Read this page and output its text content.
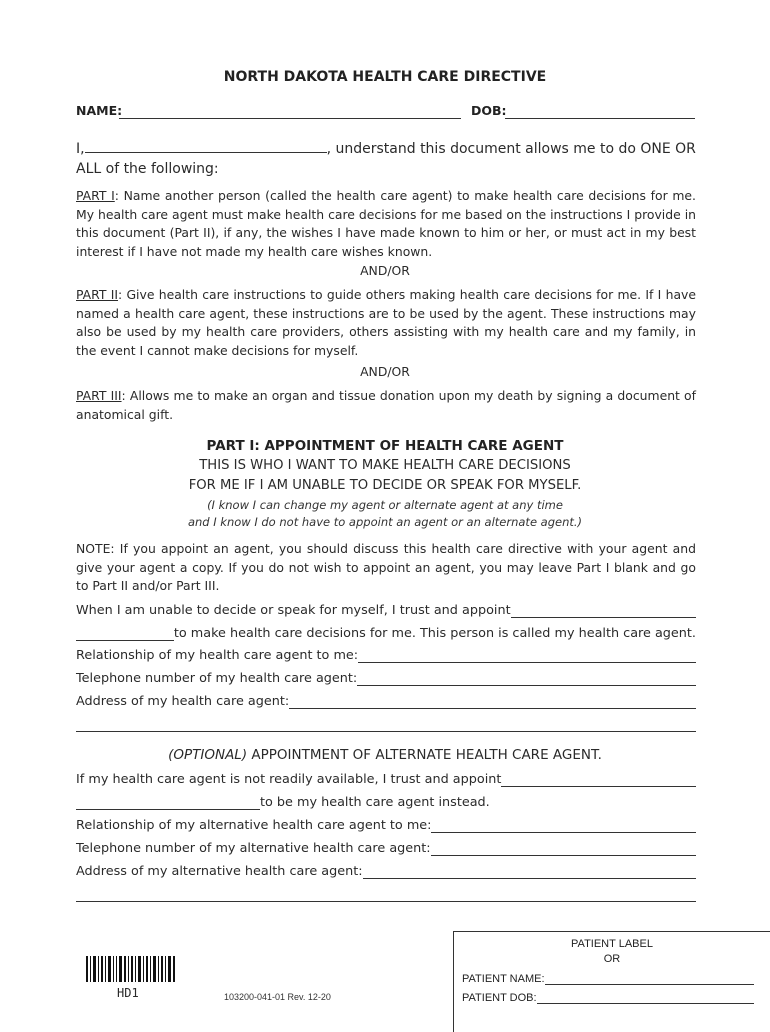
NORTH DAKOTA HEALTH CARE DIRECTIVE
NAME:	DOB:
I,	, understand this document allows me to do ONE OR
ALL of the following:
PART I: Name another person (called the health care agent) to make health care decisions for me. My health care agent must make health care decisions for me based on the instructions I provide in this document (Part II), if any, the wishes I have made known to him or her, or must act in my best interest if I have not made my health care wishes known.
AND/OR
PART II: Give health care instructions to guide others making health care decisions for me. If I have named a health care agent, these instructions are to be used by the agent. These instructions may also be used by my health care providers, others assisting with my health care and my family, in the event I cannot make decisions for myself.
AND/OR
PART III: Allows me to make an organ and tissue donation upon my death by signing a document of anatomical gift.
PART I: APPOINTMENT OF HEALTH CARE AGENT
THIS IS WHO I WANT TO MAKE HEALTH CARE DECISIONS
FOR ME IF I AM UNABLE TO DECIDE OR SPEAK FOR MYSELF.
(I know I can change my agent or alternate agent at any time
and I know I do not have to appoint an agent or an alternate agent.)
NOTE: If you appoint an agent, you should discuss this health care directive with your agent and give your agent a copy. If you do not wish to appoint an agent, you may leave Part I blank and go to Part II and/or Part III.
When I am unable to decide or speak for myself, I trust and appoint
to make health care decisions for me. This person is called my health care agent.
Relationship of my health care agent to me:
Telephone number of my health care agent:
Address of my health care agent:
(OPTIONAL) APPOINTMENT OF ALTERNATE HEALTH CARE AGENT.
If my health care agent is not readily available, I trust and appoint
to be my health care agent instead.
Relationship of my alternative health care agent to me:
Telephone number of my alternative health care agent:
Address of my alternative health care agent:
HD1	103200-041-01 Rev. 12-20
PATIENT LABEL
OR
PATIENT NAME:
PATIENT DOB:
